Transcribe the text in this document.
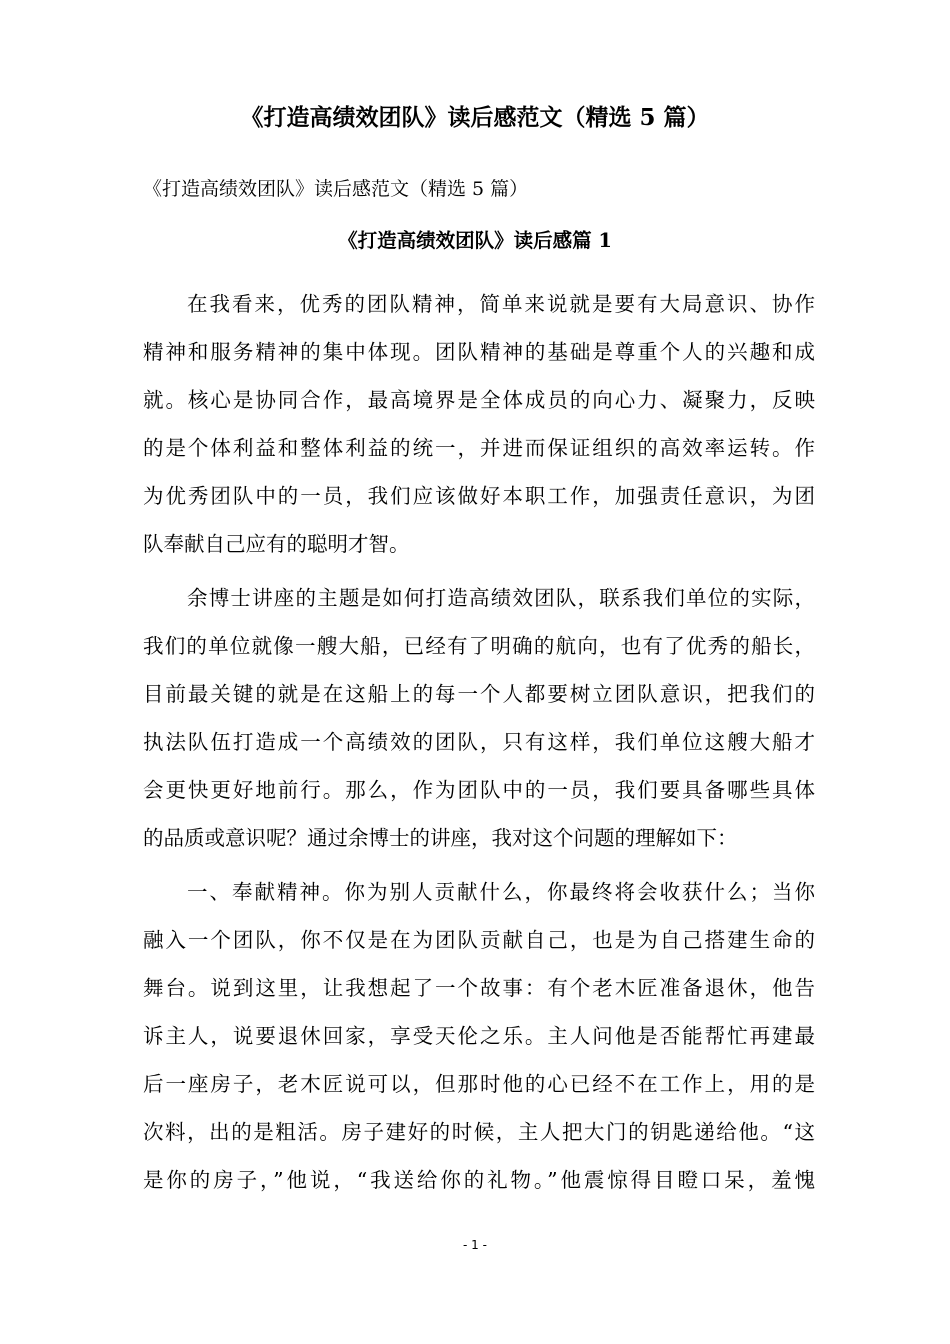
《打造高绩效团队》读后感范文（精选 5 篇）
《打造高绩效团队》读后感范文（精选 5 篇）
《打造高绩效团队》读后感篇 1
在我看来，优秀的团队精神，简单来说就是要有大局意识、协作
精神和服务精神的集中体现。团队精神的基础是尊重个人的兴趣和成
就。核心是协同合作，最高境界是全体成员的向心力、凝聚力，反映
的是个体利益和整体利益的统一，并进而保证组织的高效率运转。作
为优秀团队中的一员，我们应该做好本职工作，加强责任意识，为团
队奉献自己应有的聪明才智。
余博士讲座的主题是如何打造高绩效团队，联系我们单位的实际，
我们的单位就像一艘大船，已经有了明确的航向，也有了优秀的船长，
目前最关键的就是在这船上的每一个人都要树立团队意识，把我们的
执法队伍打造成一个高绩效的团队，只有这样，我们单位这艘大船才
会更快更好地前行。那么，作为团队中的一员，我们要具备哪些具体
的品质或意识呢？通过余博士的讲座，我对这个问题的理解如下：
一、奉献精神。你为别人贡献什么，你最终将会收获什么；当你
融入一个团队，你不仅是在为团队贡献自己，也是为自己搭建生命的
舞台。说到这里，让我想起了一个故事：有个老木匠准备退休，他告
诉主人，说要退休回家，享受天伦之乐。主人问他是否能帮忙再建最
后一座房子，老木匠说可以，但那时他的心已经不在工作上，用的是
次料，出的是粗活。房子建好的时候，主人把大门的钥匙递给他。“这
是你的房子，”他说，“我送给你的礼物。”他震惊得目瞪口呆，羞愧
- 1 -
